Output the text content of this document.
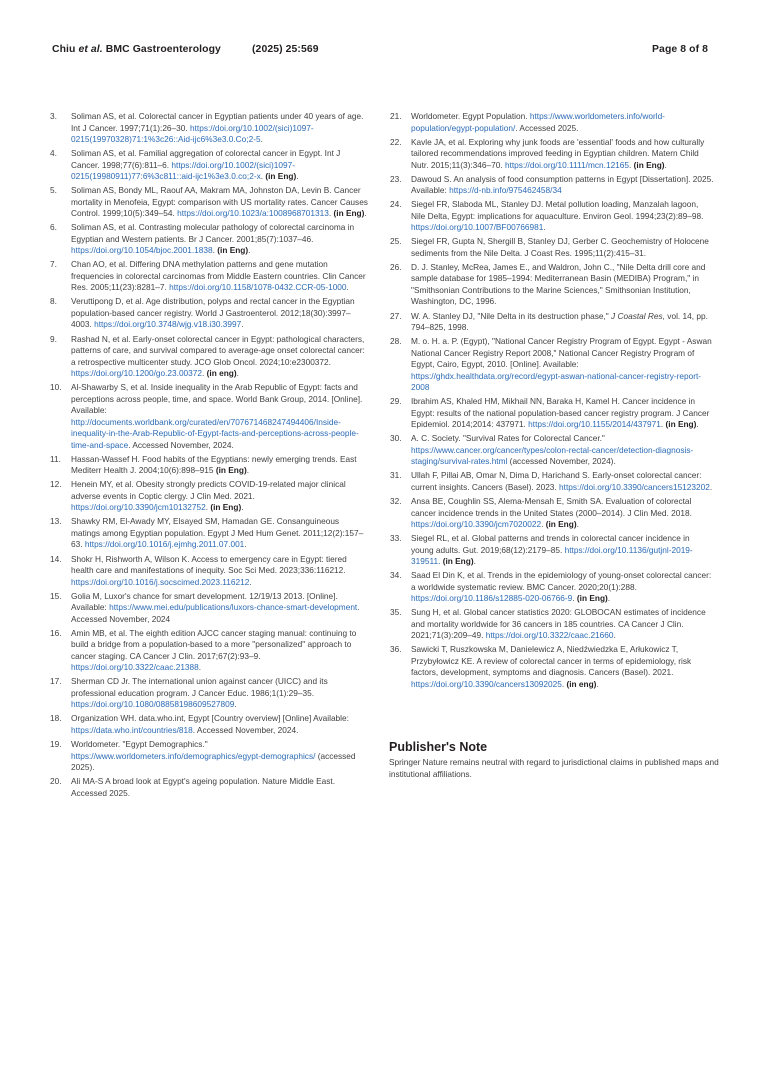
Chiu et al. BMC Gastroenterology	(2025) 25:569	Page 8 of 8
3. Soliman AS, et al. Colorectal cancer in Egyptian patients under 40 years of age. Int J Cancer. 1997;71(1):26–30. https://doi.org/10.1002/(sici)1097-0215(19970328)71:1%3c26::Aid-ijc6%3e3.0.Co;2-5.
4. Soliman AS, et al. Familial aggregation of colorectal cancer in Egypt. Int J Cancer. 1998;77(6):811–6. https://doi.org/10.1002/(sici)1097-0215(19980911)77:6%3c811::aid-ijc1%3e3.0.co;2-x. (in Eng).
5. Soliman AS, Bondy ML, Raouf AA, Makram MA, Johnston DA, Levin B. Cancer mortality in Menofeia, Egypt: comparison with US mortality rates. Cancer Causes Control. 1999;10(5):349–54. https://doi.org/10.1023/a:1008968701313. (in Eng).
6. Soliman AS, et al. Contrasting molecular pathology of colorectal carcinoma in Egyptian and Western patients. Br J Cancer. 2001;85(7):1037–46. https://doi.org/10.1054/bjoc.2001.1838. (in Eng).
7. Chan AO, et al. Differing DNA methylation patterns and gene mutation frequencies in colorectal carcinomas from Middle Eastern countries. Clin Cancer Res. 2005;11(23):8281–7. https://doi.org/10.1158/1078-0432.CCR-05-1000.
8. Veruttipong D, et al. Age distribution, polyps and rectal cancer in the Egyptian population-based cancer registry. World J Gastroenterol. 2012;18(30):3997–4003. https://doi.org/10.3748/wjg.v18.i30.3997.
9. Rashad N, et al. Early-onset colorectal cancer in Egypt: pathological characters, patterns of care, and survival compared to average-age onset colorectal cancer: a retrospective multicenter study. JCO Glob Oncol. 2024;10:e2300372. https://doi.org/10.1200/go.23.00372. (in eng).
10. Al-Shawarby S, et al. Inside inequality in the Arab Republic of Egypt: facts and perceptions across people, time, and space. World Bank Group, 2014. [Online]. Available: http://documents.worldbank.org/curated/en/707671468247494406/Inside-inequality-in-the-Arab-Republic-of-Egypt-facts-and-perceptions-across-people-time-and-space. Accessed November, 2024.
11. Hassan-Wassef H. Food habits of the Egyptians: newly emerging trends. East Mediterr Health J. 2004;10(6):898–915 (in Eng).
12. Henein MY, et al. Obesity strongly predicts COVID-19-related major clinical adverse events in Coptic clergy. J Clin Med. 2021. https://doi.org/10.3390/jcm10132752. (in Eng).
13. Shawky RM, El-Awady MY, Elsayed SM, Hamadan GE. Consanguineous matings among Egyptian population. Egypt J Med Hum Genet. 2011;12(2):157–63. https://doi.org/10.1016/j.ejmhg.2011.07.001.
14. Shokr H, Rishworth A, Wilson K. Access to emergency care in Egypt: tiered health care and manifestations of inequity. Soc Sci Med. 2023;336:116212. https://doi.org/10.1016/j.socscimed.2023.116212.
15. Golia M, Luxor's chance for smart development. 12/19/13 2013. [Online]. Available: https://www.mei.edu/publications/luxors-chance-smart-development. Accessed November, 2024
16. Amin MB, et al. The eighth edition AJCC cancer staging manual: continuing to build a bridge from a population-based to a more "personalized" approach to cancer staging. CA Cancer J Clin. 2017;67(2):93–9. https://doi.org/10.3322/caac.21388.
17. Sherman CD Jr. The international union against cancer (UICC) and its professional education program. J Cancer Educ. 1986;1(1):29–35. https://doi.org/10.1080/08858198609527809.
18. Organization WH. data.who.int, Egypt [Country overview] [Online] Available: https://data.who.int/countries/818. Accessed November, 2024.
19. Worldometer. "Egypt Demographics." https://www.worldometers.info/demographics/egypt-demographics/ (accessed 2025).
20. Ali MA-S A broad look at Egypt's ageing population. Nature Middle East. Accessed 2025.
21. Worldometer. Egypt Population. https://www.worldometers.info/world-population/egypt-population/. Accessed 2025.
22. Kavle JA, et al. Exploring why junk foods are 'essential' foods and how culturally tailored recommendations improved feeding in Egyptian children. Matern Child Nutr. 2015;11(3):346–70. https://doi.org/10.1111/mcn.12165. (in Eng).
23. Dawoud S. An analysis of food consumption patterns in Egypt [Dissertation]. 2025. Available: https://d-nb.info/975462458/34
24. Siegel FR, Slaboda ML, Stanley DJ. Metal pollution loading, Manzalah lagoon, Nile Delta, Egypt: implications for aquaculture. Environ Geol. 1994;23(2):89–98. https://doi.org/10.1007/BF00766981.
25. Siegel FR, Gupta N, Shergill B, Stanley DJ, Gerber C. Geochemistry of Holocene sediments from the Nile Delta. J Coast Res. 1995;11(2):415–31.
26. D. J. Stanley, McRea, James E., and Waldron, John C., "Nile Delta drill core and sample database for 1985–1994: Mediterranean Basin (MEDIBA) Program," in "Smithsonian Contributions to the Marine Sciences," Smithsonian Institution, Washington, DC, 1996.
27. W. A. Stanley DJ, "Nile Delta in its destruction phase," J Coastal Res, vol. 14, pp. 794–825, 1998.
28. M. o. H. a. P. (Egypt), "National Cancer Registry Program of Egypt. Egypt - Aswan National Cancer Registry Report 2008," National Cancer Registry Program of Egypt, Cairo, Egypt, 2010. [Online]. Available: https://ghdx.healthdata.org/record/egypt-aswan-national-cancer-registry-report-2008
29. Ibrahim AS, Khaled HM, Mikhail NN, Baraka H, Kamel H. Cancer incidence in Egypt: results of the national population-based cancer registry program. J Cancer Epidemiol. 2014;2014: 437971. https://doi.org/10.1155/2014/437971. (in Eng).
30. A. C. Society. "Survival Rates for Colorectal Cancer." https://www.cancer.org/cancer/types/colon-rectal-cancer/detection-diagnosis-staging/survival-rates.html (accessed November, 2024).
31. Ullah F, Pillai AB, Omar N, Dima D, Harichand S. Early-onset colorectal cancer: current insights. Cancers (Basel). 2023. https://doi.org/10.3390/cancers15123202.
32. Ansa BE, Coughlin SS, Alema-Mensah E, Smith SA. Evaluation of colorectal cancer incidence trends in the United States (2000–2014). J Clin Med. 2018. https://doi.org/10.3390/jcm7020022. (in Eng).
33. Siegel RL, et al. Global patterns and trends in colorectal cancer incidence in young adults. Gut. 2019;68(12):2179–85. https://doi.org/10.1136/gutjnl-2019-319511. (in Eng).
34. Saad El Din K, et al. Trends in the epidemiology of young-onset colorectal cancer: a worldwide systematic review. BMC Cancer. 2020;20(1):288. https://doi.org/10.1186/s12885-020-06766-9. (in Eng).
35. Sung H, et al. Global cancer statistics 2020: GLOBOCAN estimates of incidence and mortality worldwide for 36 cancers in 185 countries. CA Cancer J Clin. 2021;71(3):209–49. https://doi.org/10.3322/caac.21660.
36. Sawicki T, Ruszkowska M, Danielewicz A, Niedźwiedzka E, Arłukowicz T, Przybyłowicz KE. A review of colorectal cancer in terms of epidemiology, risk factors, development, symptoms and diagnosis. Cancers (Basel). 2021. https://doi.org/10.3390/cancers13092025. (in eng).
Publisher's Note

Springer Nature remains neutral with regard to jurisdictional claims in published maps and institutional affiliations.
